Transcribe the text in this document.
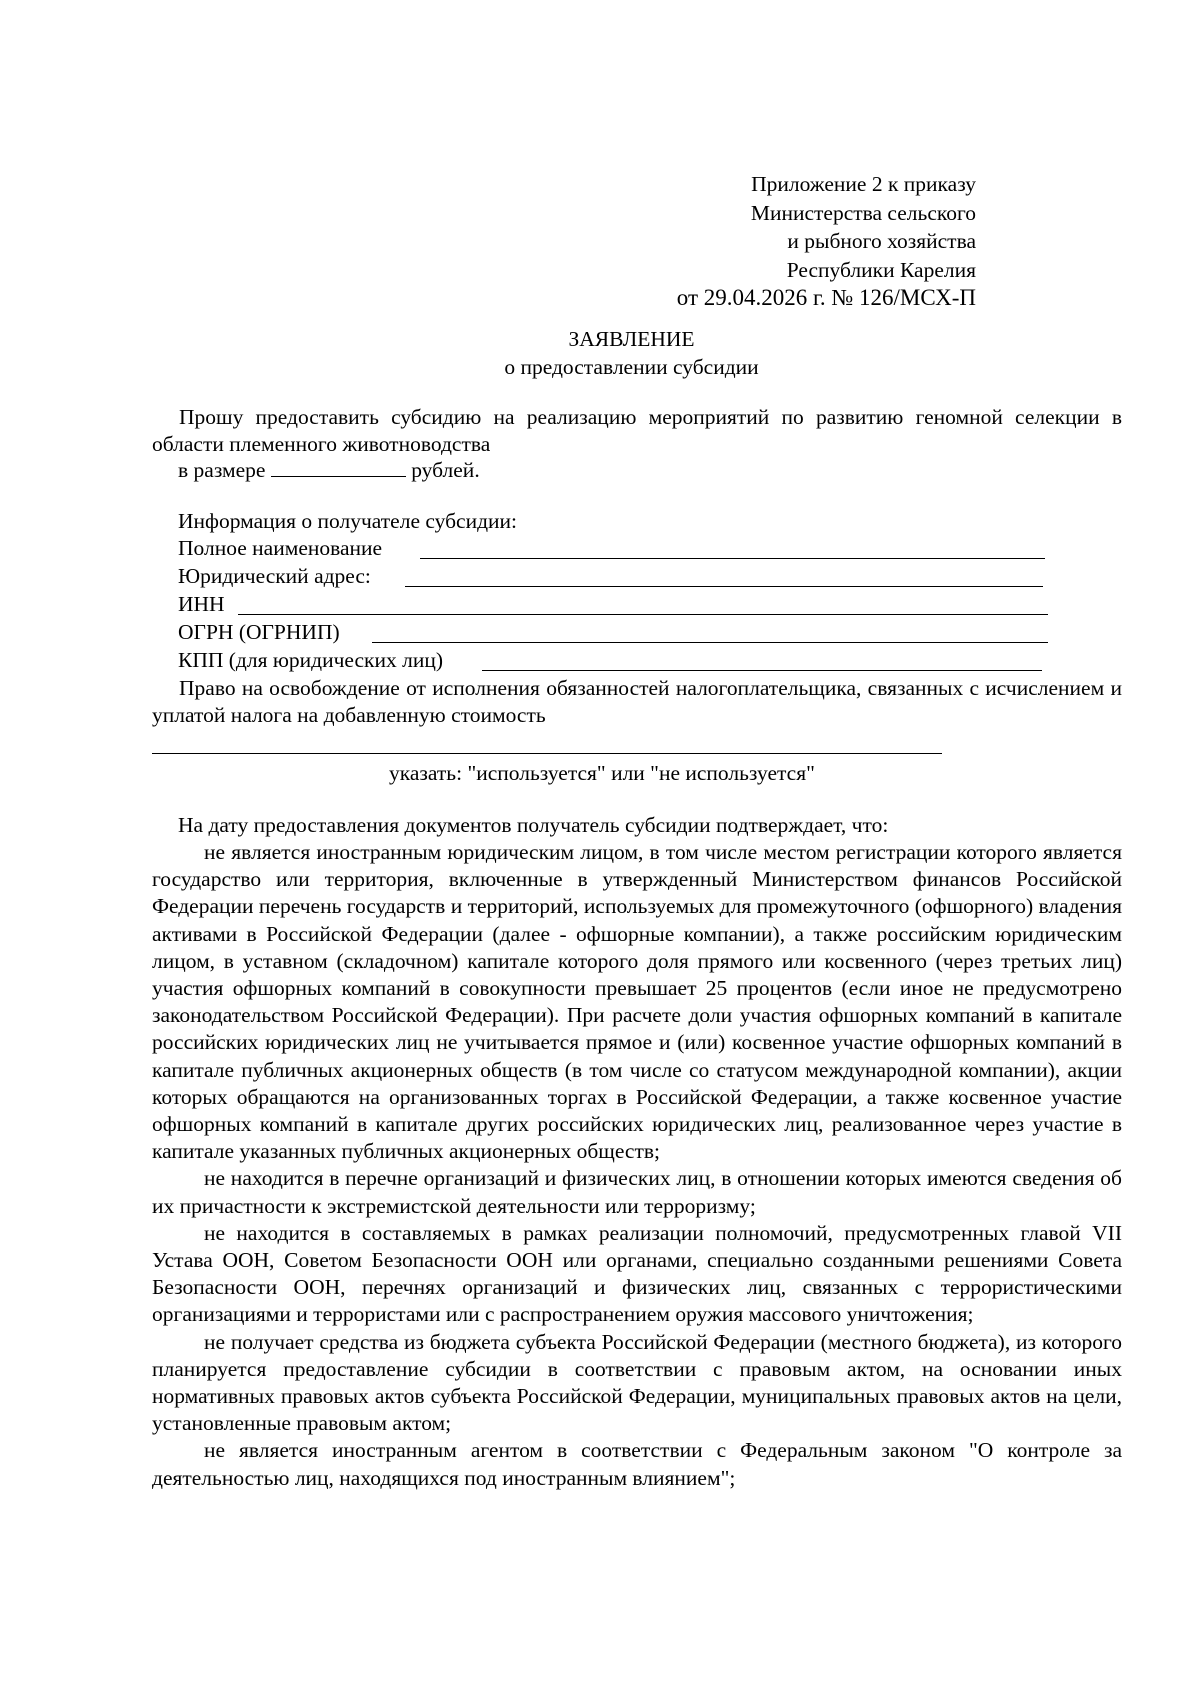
Приложение 2 к приказу
Министерства сельского
и рыбного хозяйства
Республики Карелия
от 29.04.2026 г. № 126/МСХ-П
ЗАЯВЛЕНИЕ
о предоставлении субсидии

Прошу предоставить субсидию на реализацию мероприятий по развитию геномной селекции в области племенного животноводства

в размере	рублей.
Информация о получателе субсидии:
Полное наименование
Юридический адрес:
ИНН
ОГРН (ОГРНИП)
КПП (для юридических лиц)

Право на освобождение от исполнения обязанностей налогоплательщика, связанных с исчислением и уплатой налога на добавленную стоимость

указать: "используется" или "не используется"
На дату предоставления документов получатель субсидии подтверждает, что:

не является иностранным юридическим лицом, в том числе местом регистрации которого является государство или территория, включенные в утвержденный Министерством финансов Российской Федерации перечень государств и территорий, используемых для промежуточного (офшорного) владения активами в Российской Федерации (далее - офшорные компании), а также российским юридическим лицом, в уставном (складочном) капитале которого доля прямого или косвенного (через третьих лиц) участия офшорных компаний в совокупности превышает 25 процентов (если иное не предусмотрено законодательством Российской Федерации). При расчете доли участия офшорных компаний в капитале российских юридических лиц не учитывается прямое и (или) косвенное участие офшорных компаний в капитале публичных акционерных обществ (в том числе со статусом международной компании), акции которых обращаются на организованных торгах в Российской Федерации, а также косвенное участие офшорных компаний в капитале других российских юридических лиц, реализованное через участие в капитале указанных публичных акционерных обществ;

не находится в перечне организаций и физических лиц, в отношении которых имеются сведения об их причастности к экстремистской деятельности или терроризму;

не находится в составляемых в рамках реализации полномочий, предусмотренных главой VII Устава ООН, Советом Безопасности ООН или органами, специально созданными решениями Совета Безопасности ООН, перечнях организаций и физических лиц, связанных с террористическими организациями и террористами или с распространением оружия массового уничтожения;

не получает средства из бюджета субъекта Российской Федерации (местного бюджета), из которого планируется предоставление субсидии в соответствии с правовым актом, на основании иных нормативных правовых актов субъекта Российской Федерации, муниципальных правовых актов на цели, установленные правовым актом;

не является иностранным агентом в соответствии с Федеральным законом "О контроле за деятельностью лиц, находящихся под иностранным влиянием";
